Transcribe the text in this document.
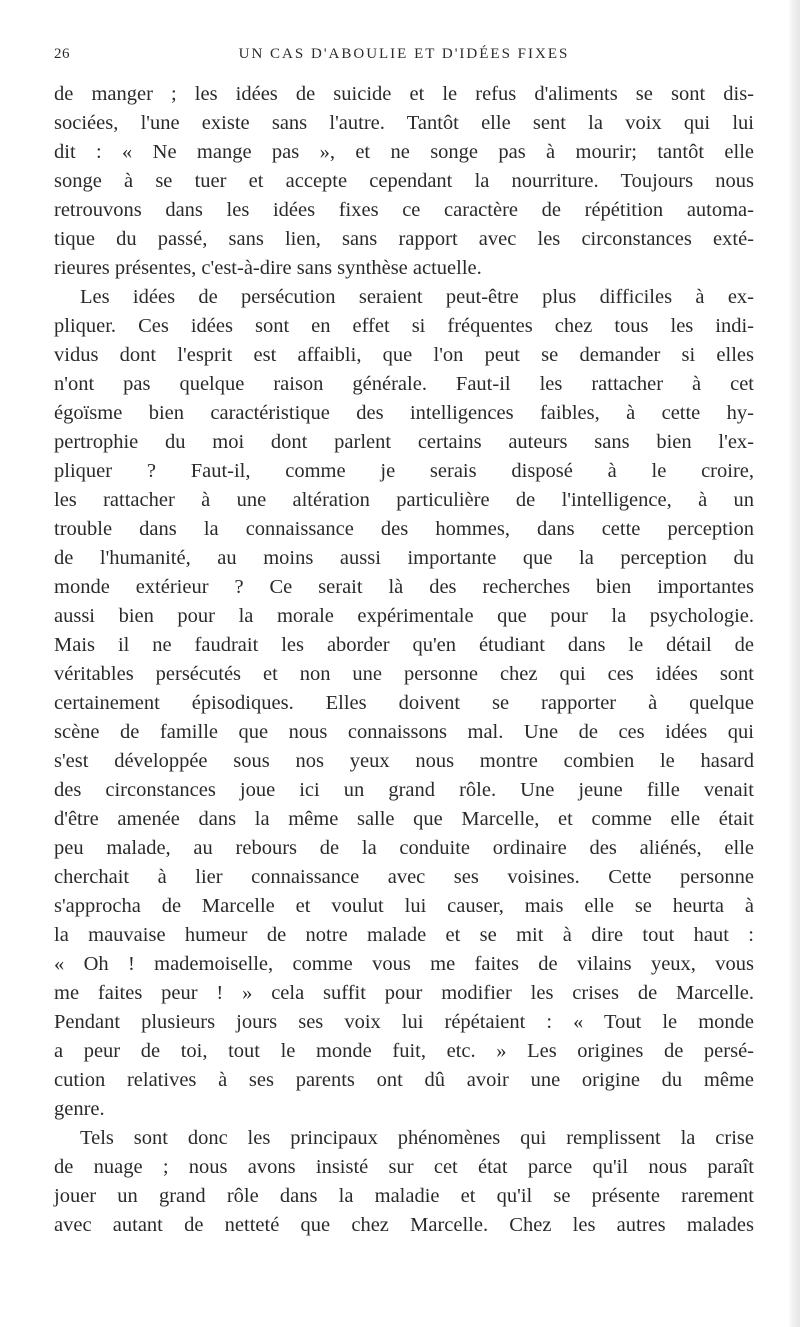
26	UN CAS D'ABOULIE ET D'IDÉES FIXES
de manger ; les idées de suicide et le refus d'aliments se sont dis-
sociées, l'une existe sans l'autre. Tantôt elle sent la voix qui lui
dit : « Ne mange pas », et ne songe pas à mourir; tantôt elle
songe à se tuer et accepte cependant la nourriture. Toujours nous
retrouvons dans les idées fixes ce caractère de répétition automa-
tique du passé, sans lien, sans rapport avec les circonstances exté-
rieures présentes, c'est-à-dire sans synthèse actuelle.
Les idées de persécution seraient peut-être plus difficiles à ex-
pliquer. Ces idées sont en effet si fréquentes chez tous les indi-
vidus dont l'esprit est affaibli, que l'on peut se demander si elles
n'ont pas quelque raison générale. Faut-il les rattacher à cet
égoïsme bien caractéristique des intelligences faibles, à cette hy-
pertrophie du moi dont parlent certains auteurs sans bien l'ex-
pliquer ? Faut-il, comme je serais disposé à le croire,
les rattacher à une altération particulière de l'intelligence, à un
trouble dans la connaissance des hommes, dans cette perception
de l'humanité, au moins aussi importante que la perception du
monde extérieur ? Ce serait là des recherches bien importantes
aussi bien pour la morale expérimentale que pour la psychologie.
Mais il ne faudrait les aborder qu'en étudiant dans le détail de
véritables persécutés et non une personne chez qui ces idées sont
certainement épisodiques. Elles doivent se rapporter à quelque
scène de famille que nous connaissons mal. Une de ces idées qui
s'est développée sous nos yeux nous montre combien le hasard
des circonstances joue ici un grand rôle. Une jeune fille venait
d'être amenée dans la même salle que Marcelle, et comme elle était
peu malade, au rebours de la conduite ordinaire des aliénés, elle
cherchait à lier connaissance avec ses voisines. Cette personne
s'approcha de Marcelle et voulut lui causer, mais elle se heurta à
la mauvaise humeur de notre malade et se mit à dire tout haut :
« Oh ! mademoiselle, comme vous me faites de vilains yeux, vous
me faites peur ! » cela suffit pour modifier les crises de Marcelle.
Pendant plusieurs jours ses voix lui répétaient : « Tout le monde
a peur de toi, tout le monde fuit, etc. » Les origines de persé-
cution relatives à ses parents ont dû avoir une origine du même
genre.
Tels sont donc les principaux phénomènes qui remplissent la crise
de nuage ; nous avons insisté sur cet état parce qu'il nous paraît
jouer un grand rôle dans la maladie et qu'il se présente rarement
avec autant de netteté que chez Marcelle. Chez les autres malades
